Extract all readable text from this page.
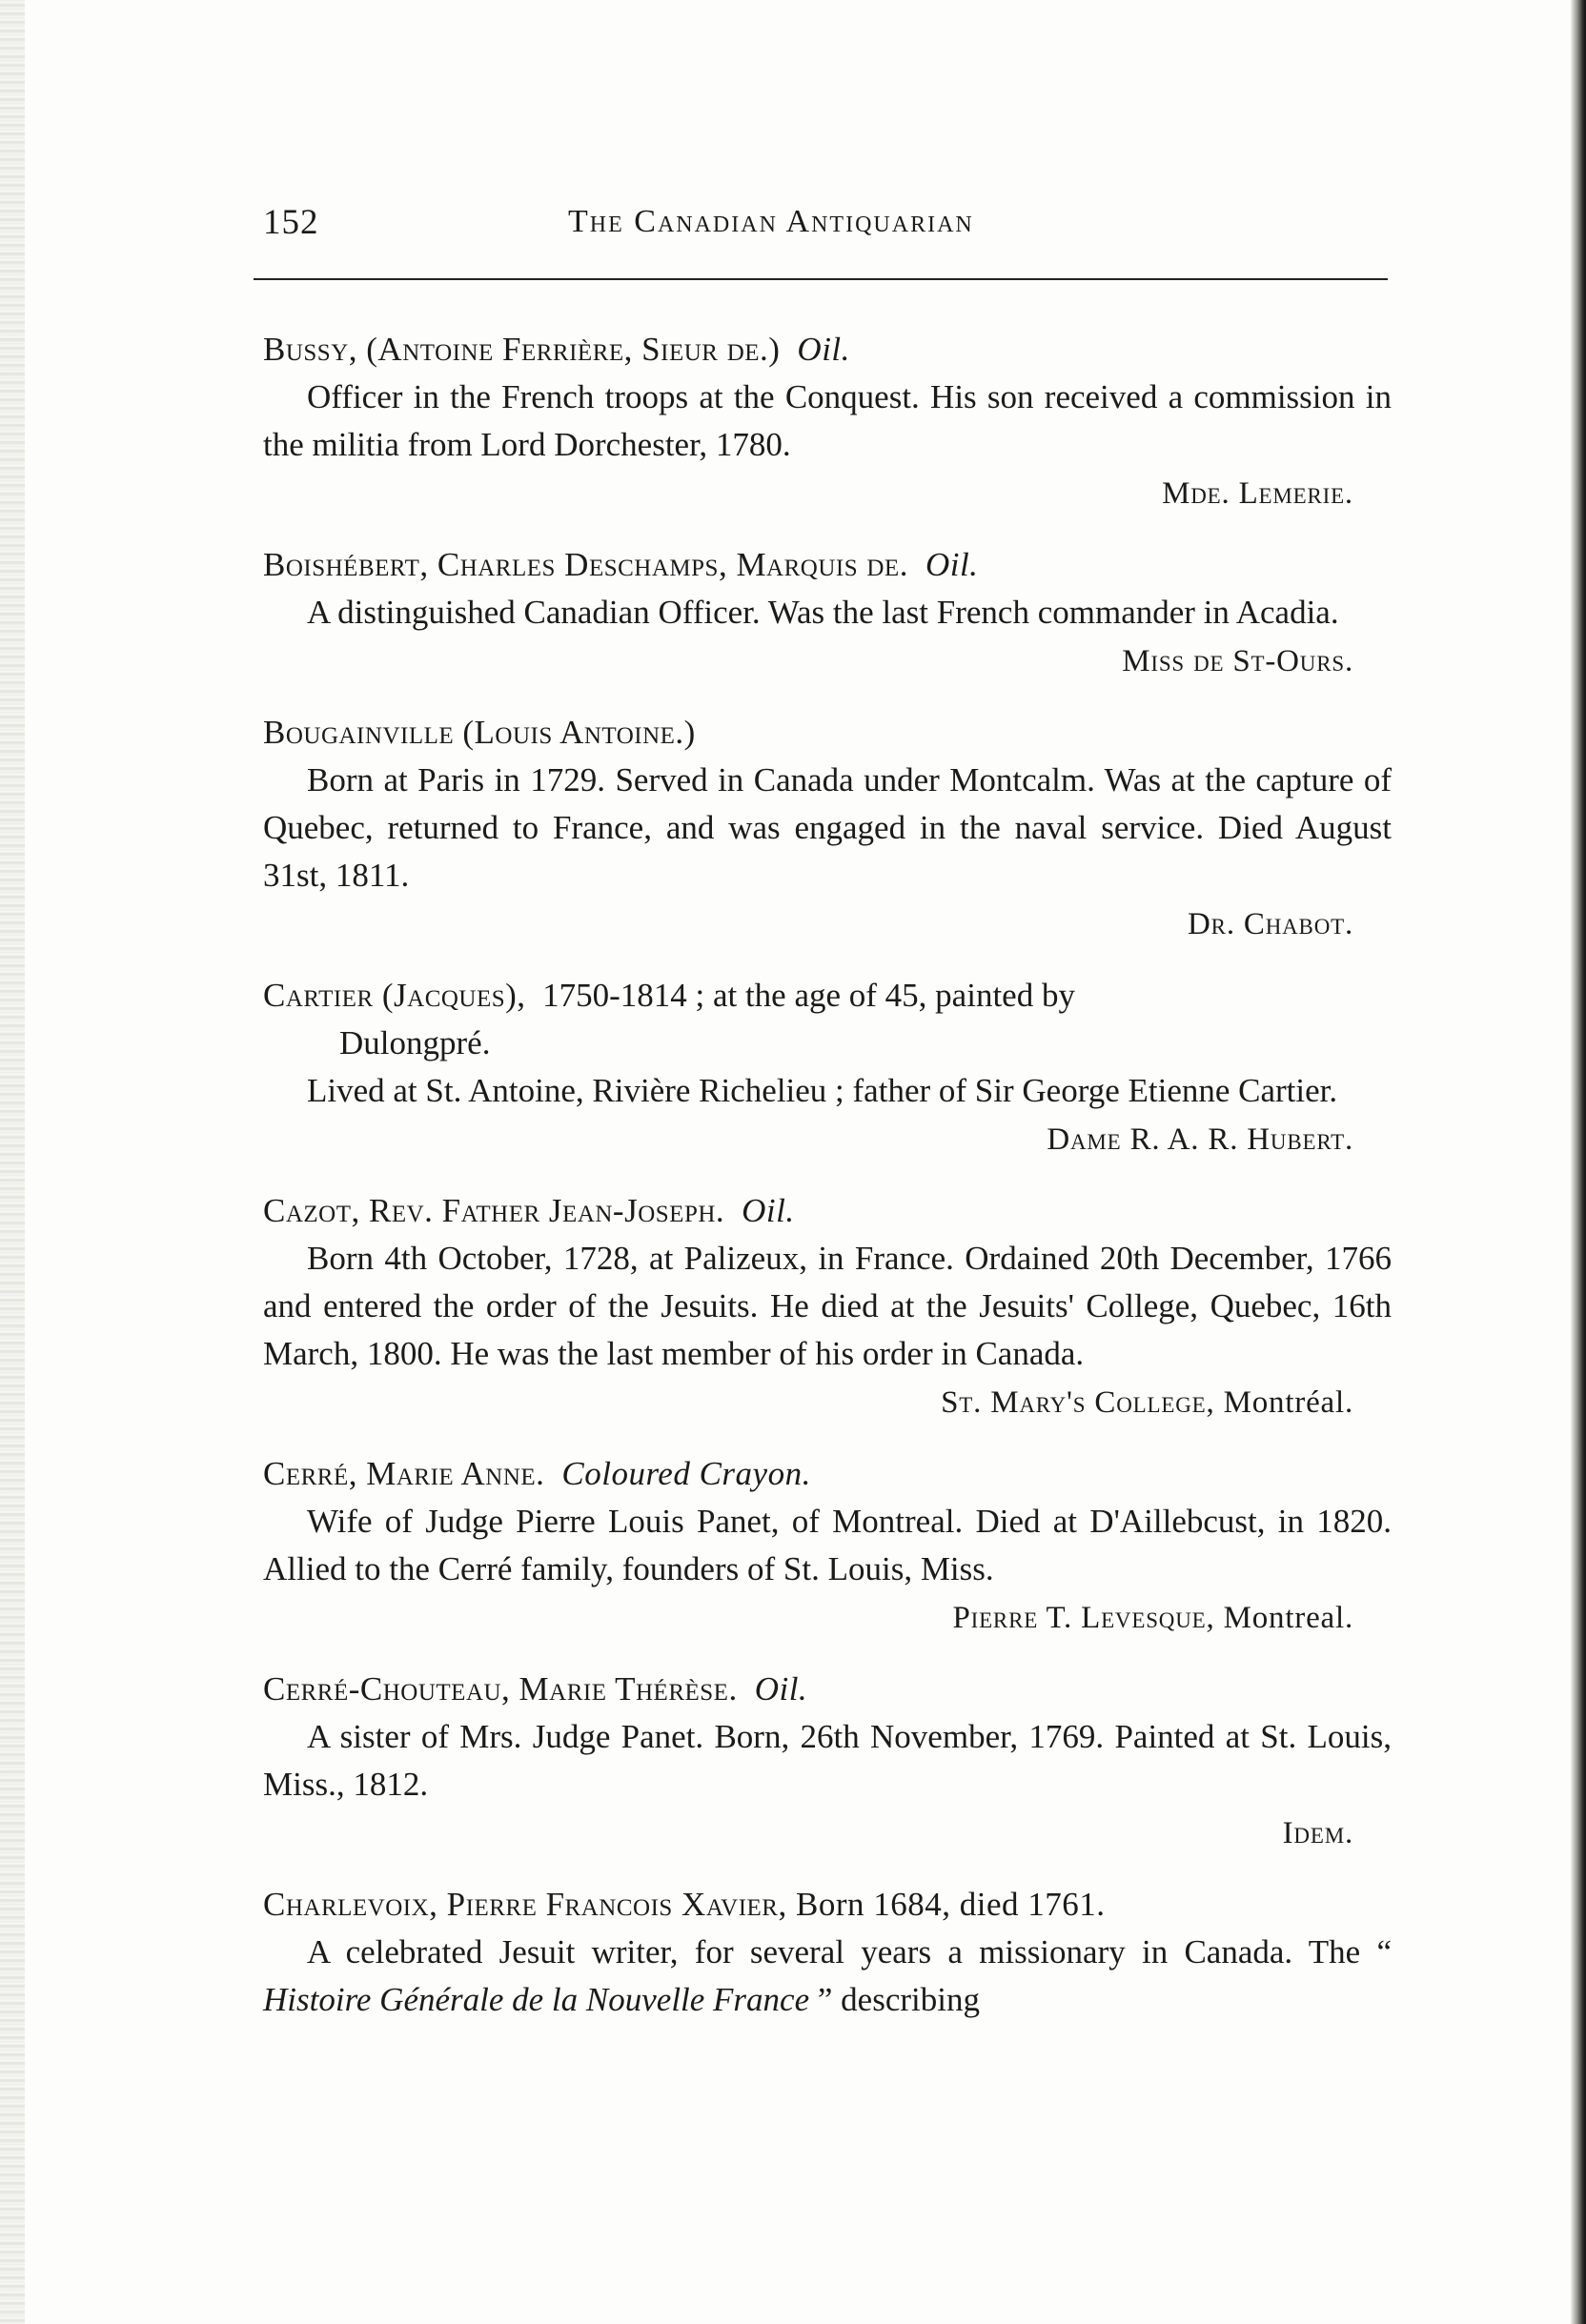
152	The Canadian Antiquarian
Bussy, (Antoine Ferrière, Sieur de.) Oil.

Officer in the French troops at the Conquest. His son received a commission in the militia from Lord Dorchester, 1780.

Mde. Lemerie.
Boishébert, Charles Deschamps, Marquis de. Oil.

A distinguished Canadian Officer. Was the last French commander in Acadia.

Miss de St-Ours.
Bougainville (Louis Antoine.)

Born at Paris in 1729. Served in Canada under Montcalm. Was at the capture of Quebec, returned to France, and was engaged in the naval service. Died August 31st, 1811.

Dr. Chabot.
Cartier (Jacques), 1750-1814 ; at the age of 45, painted by
Dulongpré.

Lived at St. Antoine, Rivière Richelieu ; father of Sir George Etienne Cartier.

Dame R. A. R. Hubert.
Cazot, Rev. Father Jean-Joseph. Oil.

Born 4th October, 1728, at Palizeux, in France. Ordained 20th December, 1766 and entered the order of the Jesuits. He died at the Jesuits' College, Quebec, 16th March, 1800. He was the last member of his order in Canada.

St. Mary's College, Montréal.
Cerré, Marie Anne. Coloured Crayon.

Wife of Judge Pierre Louis Panet, of Montreal. Died at D'Aillebcust, in 1820. Allied to the Cerré family, founders of St. Louis, Miss.

Pierre T. Levesque, Montreal.
Cerré-Chouteau, Marie Thérèse. Oil.

A sister of Mrs. Judge Panet. Born, 26th November, 1769. Painted at St. Louis, Miss., 1812.

Idem.
Charlevoix, Pierre Francois Xavier, Born 1684, died 1761.

A celebrated Jesuit writer, for several years a missionary in Canada. The “ Histoire Générale de la Nouvelle France ” describing
